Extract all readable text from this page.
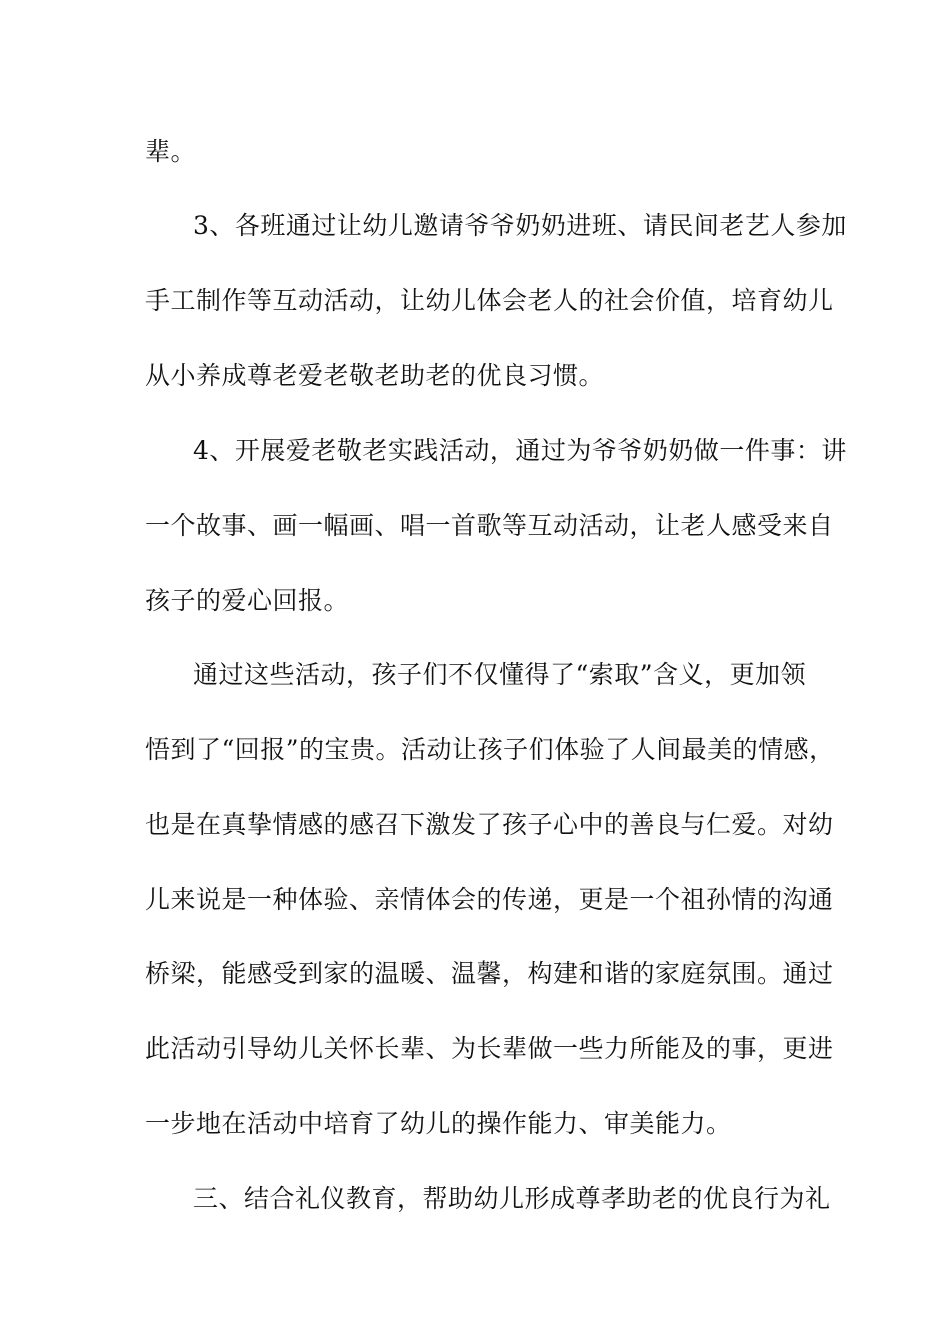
辈。
3、各班通过让幼儿邀请爷爷奶奶进班、请民间老艺人参加
手工制作等互动活动，让幼儿体会老人的社会价值，培育幼儿
从小养成尊老爱老敬老助老的优良习惯。
4、开展爱老敬老实践活动，通过为爷爷奶奶做一件事：讲
一个故事、画一幅画、唱一首歌等互动活动，让老人感受来自
孩子的爱心回报。
通过这些活动，孩子们不仅懂得了“索取”含义，更加领
悟到了“回报”的宝贵。活动让孩子们体验了人间最美的情感，
也是在真挚情感的感召下激发了孩子心中的善良与仁爱。对幼
儿来说是一种体验、亲情体会的传递，更是一个祖孙情的沟通
桥梁，能感受到家的温暖、温馨，构建和谐的家庭氛围。通过
此活动引导幼儿关怀长辈、为长辈做一些力所能及的事，更进
一步地在活动中培育了幼儿的操作能力、审美能力。
三、结合礼仪教育，帮助幼儿形成尊孝助老的优良行为礼
